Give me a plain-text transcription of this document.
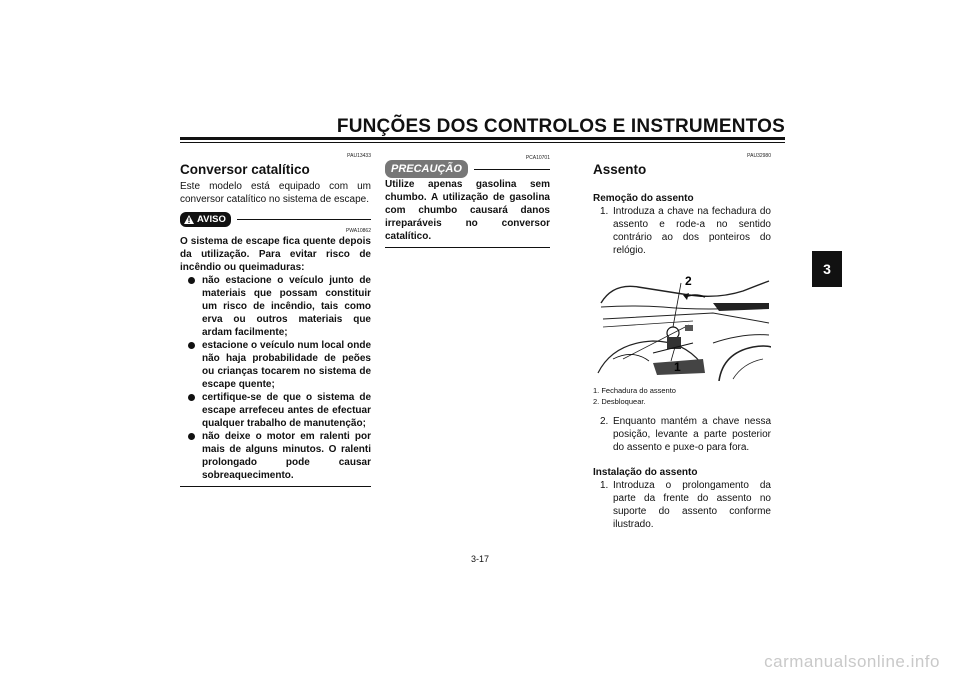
FUNÇÕES DOS CONTROLOS E INSTRUMENTOS
3
PAU13433
Conversor catalítico

Este modelo está equipado com um conversor catalítico no sistema de escape.

AVISO
PWA10862

O sistema de escape fica quente depois da utilização. Para evitar risco de incêndio ou queimaduras:

não estacione o veículo junto de materiais que possam constituir um risco de incêndio, tais como erva ou outros materiais que ardam facilmente;
estacione o veículo num local onde não haja probabilidade de peões ou crianças tocarem no sistema de escape quente;
certifique-se de que o sistema de escape arrefeceu antes de efectuar qualquer trabalho de manutenção;
não deixe o motor em ralenti por mais de alguns minutos. O ralenti prolongado pode causar sobreaquecimento.
PRECAUÇÃO
PCA10701

Utilize apenas gasolina sem chumbo. A utilização de gasolina com chumbo causará danos irreparáveis no conversor catalítico.

PAU32980
Assento
Remoção do assento
1. Introduza a chave na fechadura do assento e rode-a no sentido contrário ao dos ponteiros do relógio.
2
1
1. Fechadura do assento
2. Desbloquear.
2. Enquanto mantém a chave nessa posição, levante a parte posterior do assento e puxe-o para fora.
Instalação do assento
1. Introduza o prolongamento da parte da frente do assento no suporte do assento conforme ilustrado.
3-17
carmanualsonline.info
